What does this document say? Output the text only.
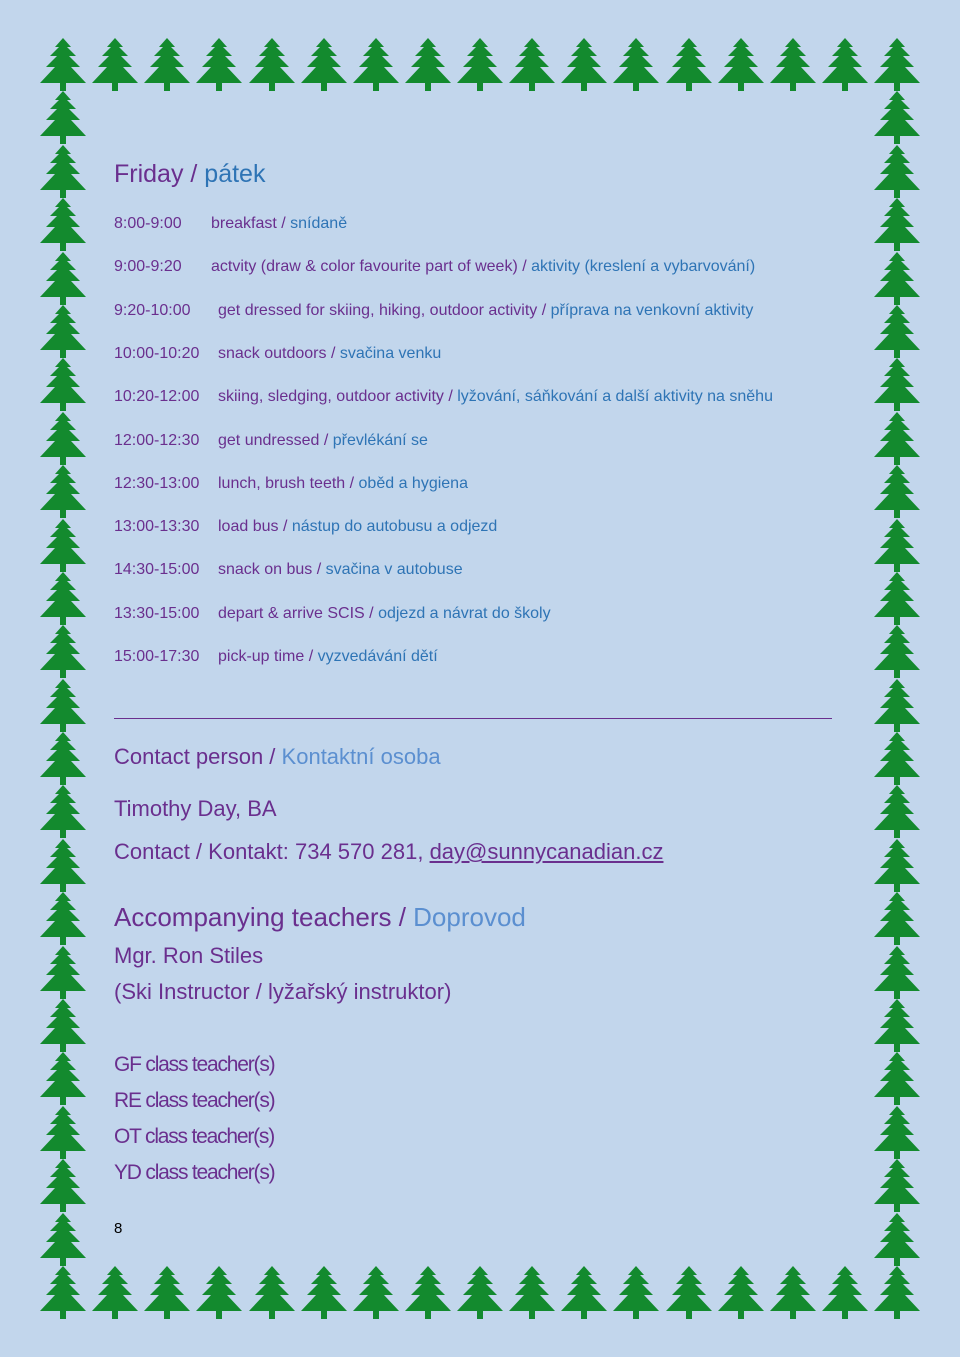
Friday / pátek
8:00-9:00 breakfast / snídaně
9:00-9:20 actvity (draw & color favourite part of week) / aktivity (kreslení a vybarvování)
9:20-10:00 get dressed for skiing, hiking, outdoor activity / příprava na venkovní aktivity
10:00-10:20 snack outdoors / svačina venku
10:20-12:00 skiing, sledging, outdoor activity / lyžování, sáňkování a další aktivity na sněhu
12:00-12:30 get undressed / převlékání se
12:30-13:00 lunch, brush teeth / oběd a hygiena
13:00-13:30 load bus / nástup do autobusu a odjezd
14:30-15:00 snack on bus / svačina v autobuse
13:30-15:00 depart & arrive SCIS / odjezd a návrat do školy
15:00-17:30 pick-up time / vyzvedávání dětí
Contact person / Kontaktní osoba
Timothy Day, BA
Contact / Kontakt: 734 570 281, day@sunnycanadian.cz
Accompanying teachers / Doprovod
Mgr. Ron Stiles
(Ski Instructor / lyžařský instruktor)
GF class teacher(s)
RE class teacher(s)
OT class teacher(s)
YD class teacher(s)
8
